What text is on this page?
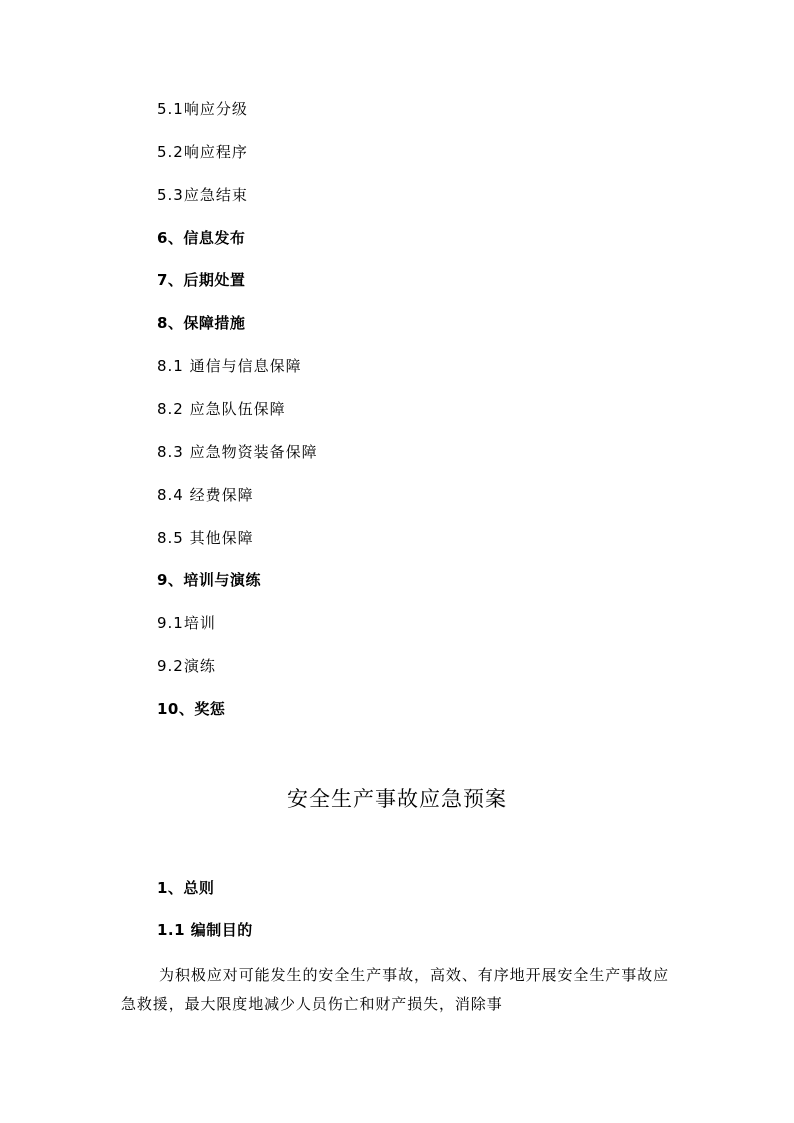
5.1响应分级
5.2响应程序
5.3应急结束
6、信息发布
7、后期处置
8、保障措施
8.1 通信与信息保障
8.2 应急队伍保障
8.3 应急物资装备保障
8.4 经费保障
8.5 其他保障
9、培训与演练
9.1培训
9.2演练
10、奖惩
安全生产事故应急预案
1、总则
1.1 编制目的
为积极应对可能发生的安全生产事故，高效、有序地开展安全生产事故应急救援，最大限度地减少人员伤亡和财产损失，消除事
